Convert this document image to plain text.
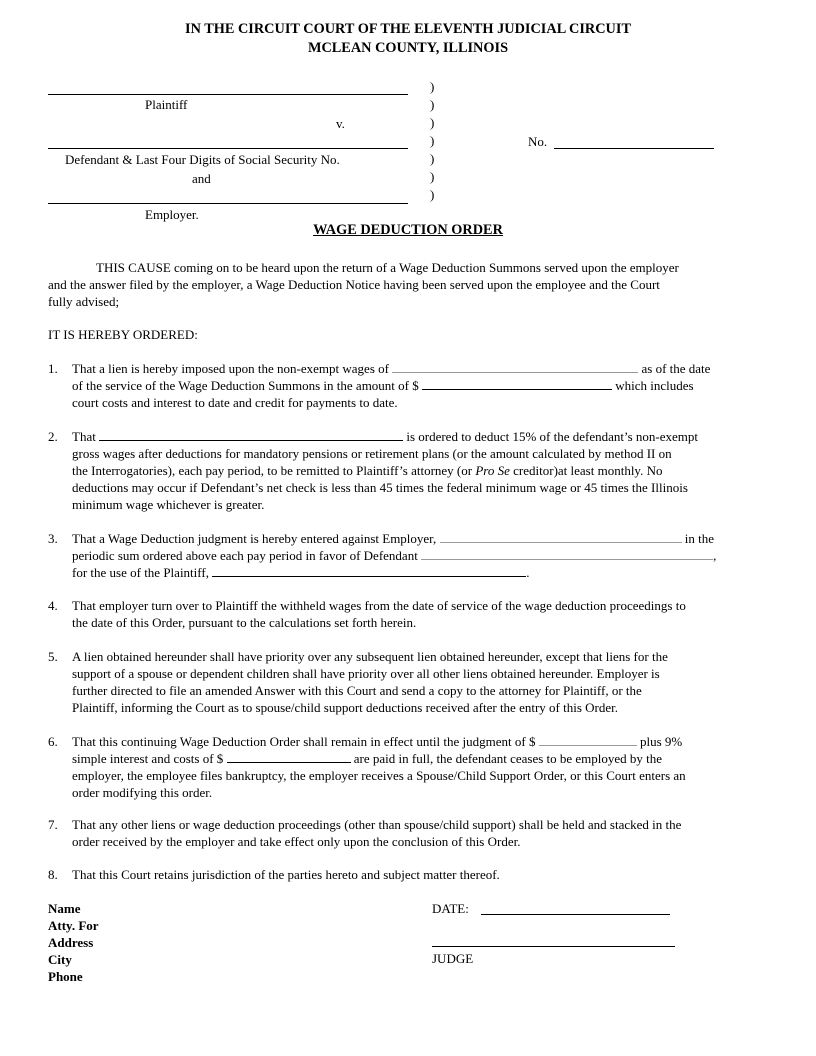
IN THE CIRCUIT COURT OF THE ELEVENTH JUDICIAL CIRCUIT
MCLEAN COUNTY, ILLINOIS
Plaintiff
v.
Defendant & Last Four Digits of Social Security No.
and
Employer.
)
)
)
)
)
)
)
No.
WAGE DEDUCTION ORDER
THIS CAUSE coming on to be heard upon the return of a Wage Deduction Summons served upon the employer
and the answer filed by the employer, a Wage Deduction Notice having been served upon the employee and the Court
fully advised;
IT IS HEREBY ORDERED:
1. That a lien is hereby imposed upon the non-exempt wages of	as of the date
of the service of the Wage Deduction Summons in the amount of $	which includes
court costs and interest to date and credit for payments to date.
2. That	is ordered to deduct 15% of the defendant’s non-exempt
gross wages after deductions for mandatory pensions or retirement plans (or the amount calculated by method II on
the Interrogatories), each pay period, to be remitted to Plaintiff’s attorney (or Pro Se creditor)at least monthly. No
deductions may occur if Defendant’s net check is less than 45 times the federal minimum wage or 45 times the Illinois
minimum wage whichever is greater.
3. That a Wage Deduction judgment is hereby entered against Employer,	in the
periodic sum ordered above each pay period in favor of Defendant	,
for the use of the Plaintiff,	.
4. That employer turn over to Plaintiff the withheld wages from the date of service of the wage deduction proceedings to
the date of this Order, pursuant to the calculations set forth herein.
5. A lien obtained hereunder shall have priority over any subsequent lien obtained hereunder, except that liens for the
support of a spouse or dependent children shall have priority over all other liens obtained hereunder. Employer is
further directed to file an amended Answer with this Court and send a copy to the attorney for Plaintiff, or the
Plaintiff, informing the Court as to spouse/child support deductions received after the entry of this Order.
6. That this continuing Wage Deduction Order shall remain in effect until the judgment of $	plus 9%
simple interest and costs of $	are paid in full, the defendant ceases to be employed by the
employer, the employee files bankruptcy, the employer receives a Spouse/Child Support Order, or this Court enters an
order modifying this order.
7. That any other liens or wage deduction proceedings (other than spouse/child support) shall be held and stacked in the
order received by the employer and take effect only upon the conclusion of this Order.
8. That this Court retains jurisdiction of the parties hereto and subject matter thereof.
Name
Atty. For
Address
City
Phone
DATE:
JUDGE
